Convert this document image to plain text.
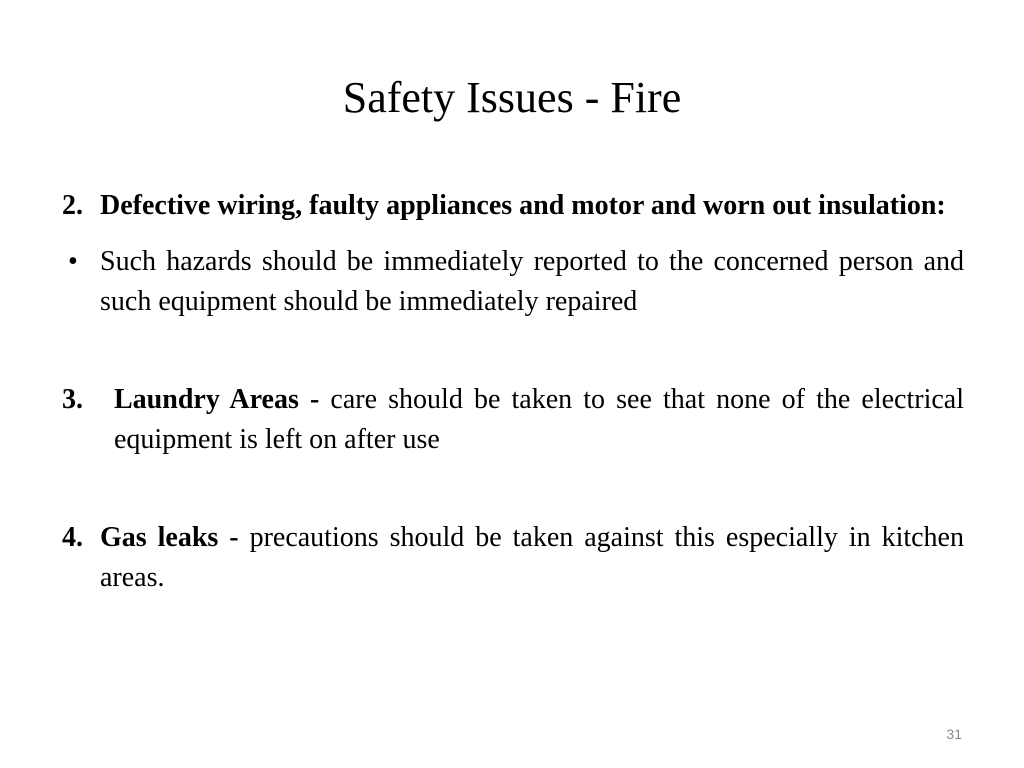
Safety Issues - Fire

2. Defective wiring, faulty appliances and motor and worn out insulation:

• Such hazards should be immediately reported to the concerned person and such equipment should be immediately repaired

3. Laundry Areas - care should be taken to see that none of the electrical equipment is left on after use

4. Gas leaks - precautions should be taken against this especially in kitchen areas.

31
